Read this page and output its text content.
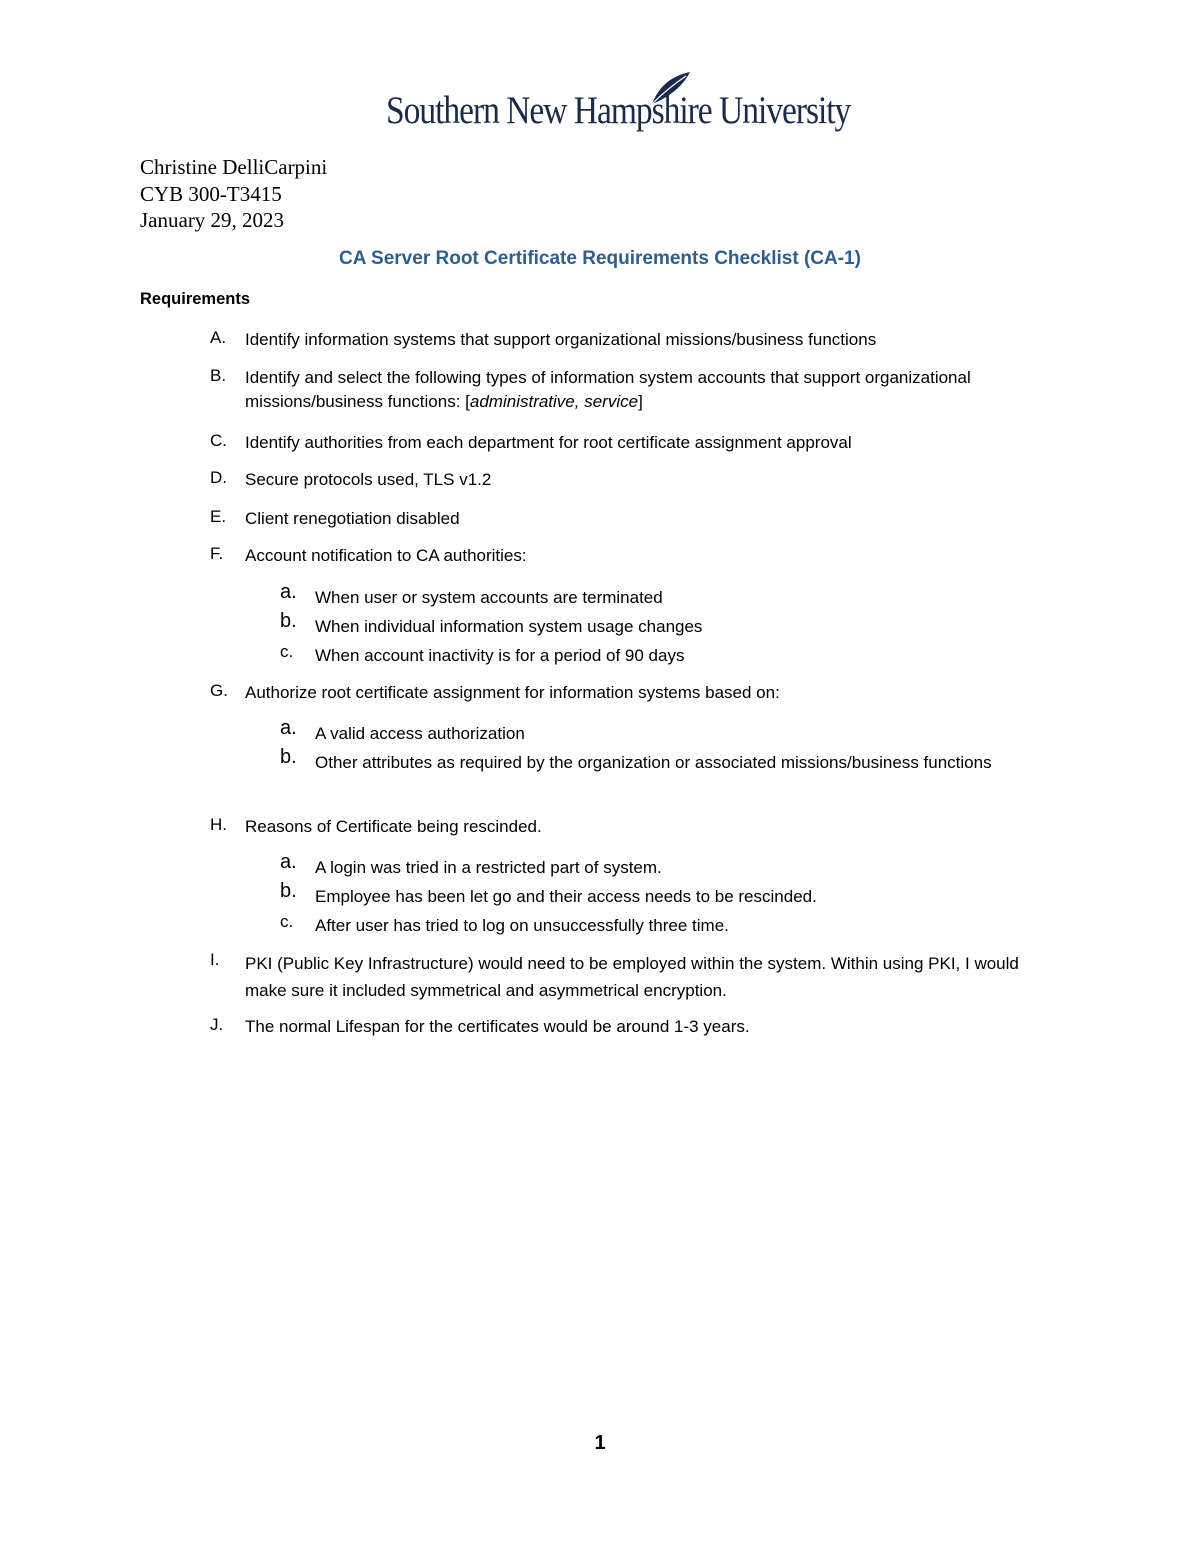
Southern New Hampshire University
Christine DelliCarpini
CYB 300-T3415
January 29, 2023
CA Server Root Certificate Requirements Checklist (CA-1)
Requirements
A. Identify information systems that support organizational missions/business functions
B. Identify and select the following types of information system accounts that support organizational missions/business functions: [administrative, service]
C. Identify authorities from each department for root certificate assignment approval
D. Secure protocols used, TLS v1.2
E. Client renegotiation disabled
F. Account notification to CA authorities:
a. When user or system accounts are terminated
b. When individual information system usage changes
c. When account inactivity is for a period of 90 days
G. Authorize root certificate assignment for information systems based on:
a. A valid access authorization
b. Other attributes as required by the organization or associated missions/business functions
H. Reasons of Certificate being rescinded.
a. A login was tried in a restricted part of system.
b. Employee has been let go and their access needs to be rescinded.
c. After user has tried to log on unsuccessfully three time.
I. PKI (Public Key Infrastructure) would need to be employed within the system. Within using PKI, I would make sure it included symmetrical and asymmetrical encryption.
J. The normal Lifespan for the certificates would be around 1-3 years.
1
